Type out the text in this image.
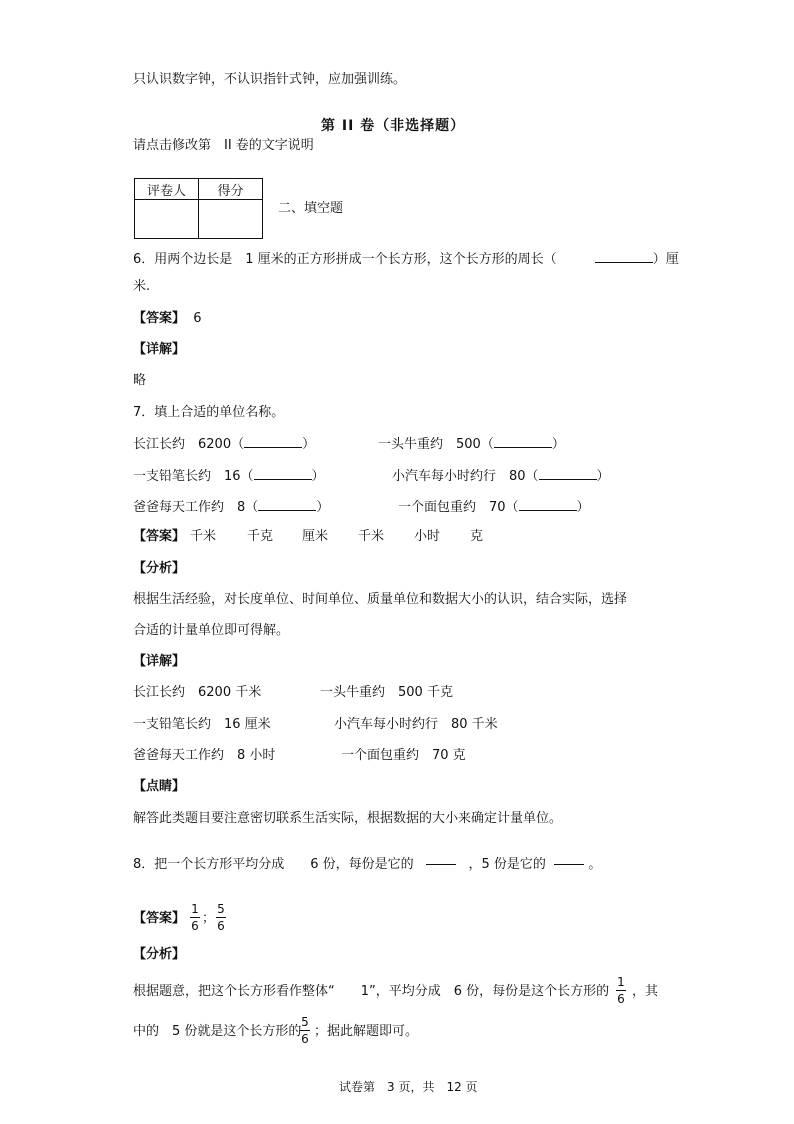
只认识数字钟，不认识指针式钟，应加强训练。
第 II 卷（非选择题）
请点击修改第　II 卷的文字说明
评卷人	得分

二、填空题
6．用两个边长是　1 厘米的正方形拼成一个长方形，这个长方形的周长（	）厘
米.
【答案】 6
【详解】
略
7．填上合适的单位名称。
长江长约　6200（	）	一头牛重约　500（	）
一支铅笔长约　16（	）	小汽车每小时约行　80（	）
爸爸每天工作约　8（	）	一个面包重约　70（	）
【答案】 千米 千克 厘米 千米 小时 克
【分析】
根据生活经验，对长度单位、时间单位、质量单位和数据大小的认识，结合实际，选择
合适的计量单位即可得解。
【详解】
长江长约　6200 千米	一头牛重约　500 千克
一支铅笔长约　16 厘米	小汽车每小时约行　80 千米
爸爸每天工作约　8 小时	一个面包重约　70 克
【点睛】
解答此类题目要注意密切联系生活实际，根据数据的大小来确定计量单位。
8．把一个长方形平均分成　　6 份，每份是它的	，5 份是它的	。
【答案】
1
6 ；
5
6
【分析】
根据题意，把这个长方形看作整体“　　1”，平均分成　6 份，每份是这个长方形的
1
6 ，其
中的　5 份就是这个长方形的
5
6 ；据此解题即可。
试卷第　3 页，共　12 页
